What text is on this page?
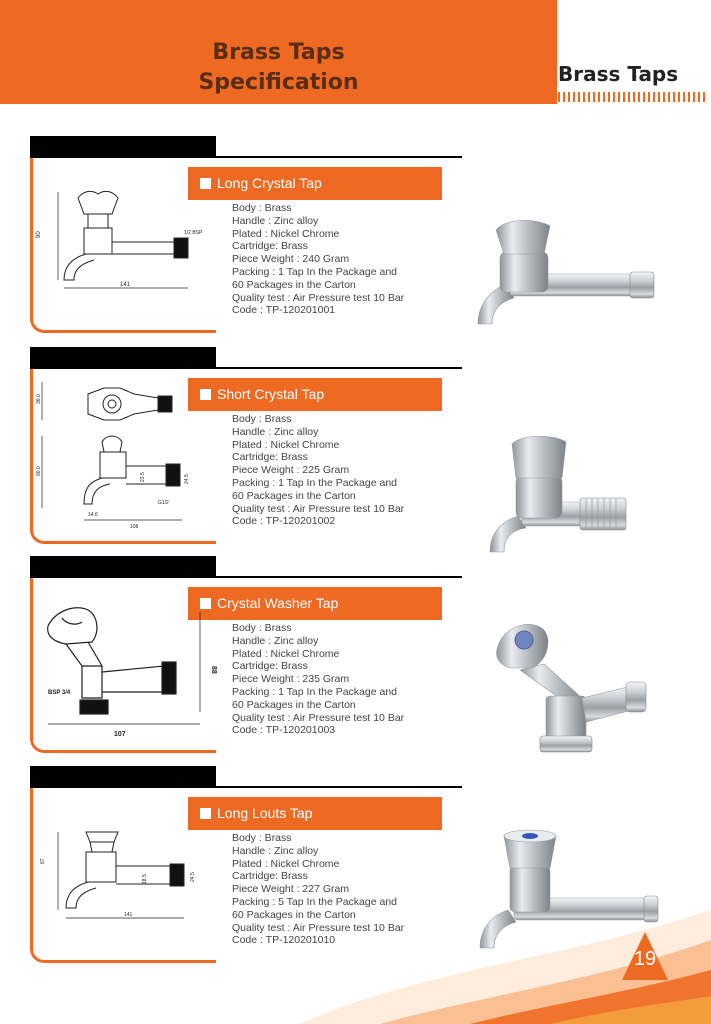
Brass Taps
Specification	Brass Taps
Long Crystal Tap
Body : Brass
Handle : Zinc alloy
Plated : Nickel Chrome
Cartridge: Brass
Piece Weight : 240 Gram
Packing : 1 Tap In the Package and
60 Packages in the Carton
Quality test : Air Pressure test 10 Bar
Code : TP-120201001
90
141
1/2 BSP
Short Crystal Tap
Body : Brass
Handle : Zinc alloy
Plated : Nickel Chrome
Cartridge: Brass
Piece Weight : 225 Gram
Packing : 1 Tap In the Package and
60 Packages in the Carton
Quality test : Air Pressure test 10 Bar
Code : TP-120201002
36.0
90.0
14.6
108
23.5	24.5
G1/2
Crystal Washer Tap
Body : Brass
Handle : Zinc alloy
Plated : Nickel Chrome
Cartridge: Brass
Piece Weight : 235 Gram
Packing : 1 Tap In the Package and
60 Packages in the Carton
Quality test : Air Pressure test 10 Bar
Code : TP-120201003
88
107
BSP 3/4
Long Louts Tap
Body : Brass
Handle : Zinc alloy
Plated : Nickel Chrome
Cartridge: Brass
Piece Weight : 227 Gram
Packing : 5 Tap In the Package and
60 Packages in the Carton
Quality test : Air Pressure test 10 Bar
Code : TP-120201010
87
141
18.5	24.5
19
